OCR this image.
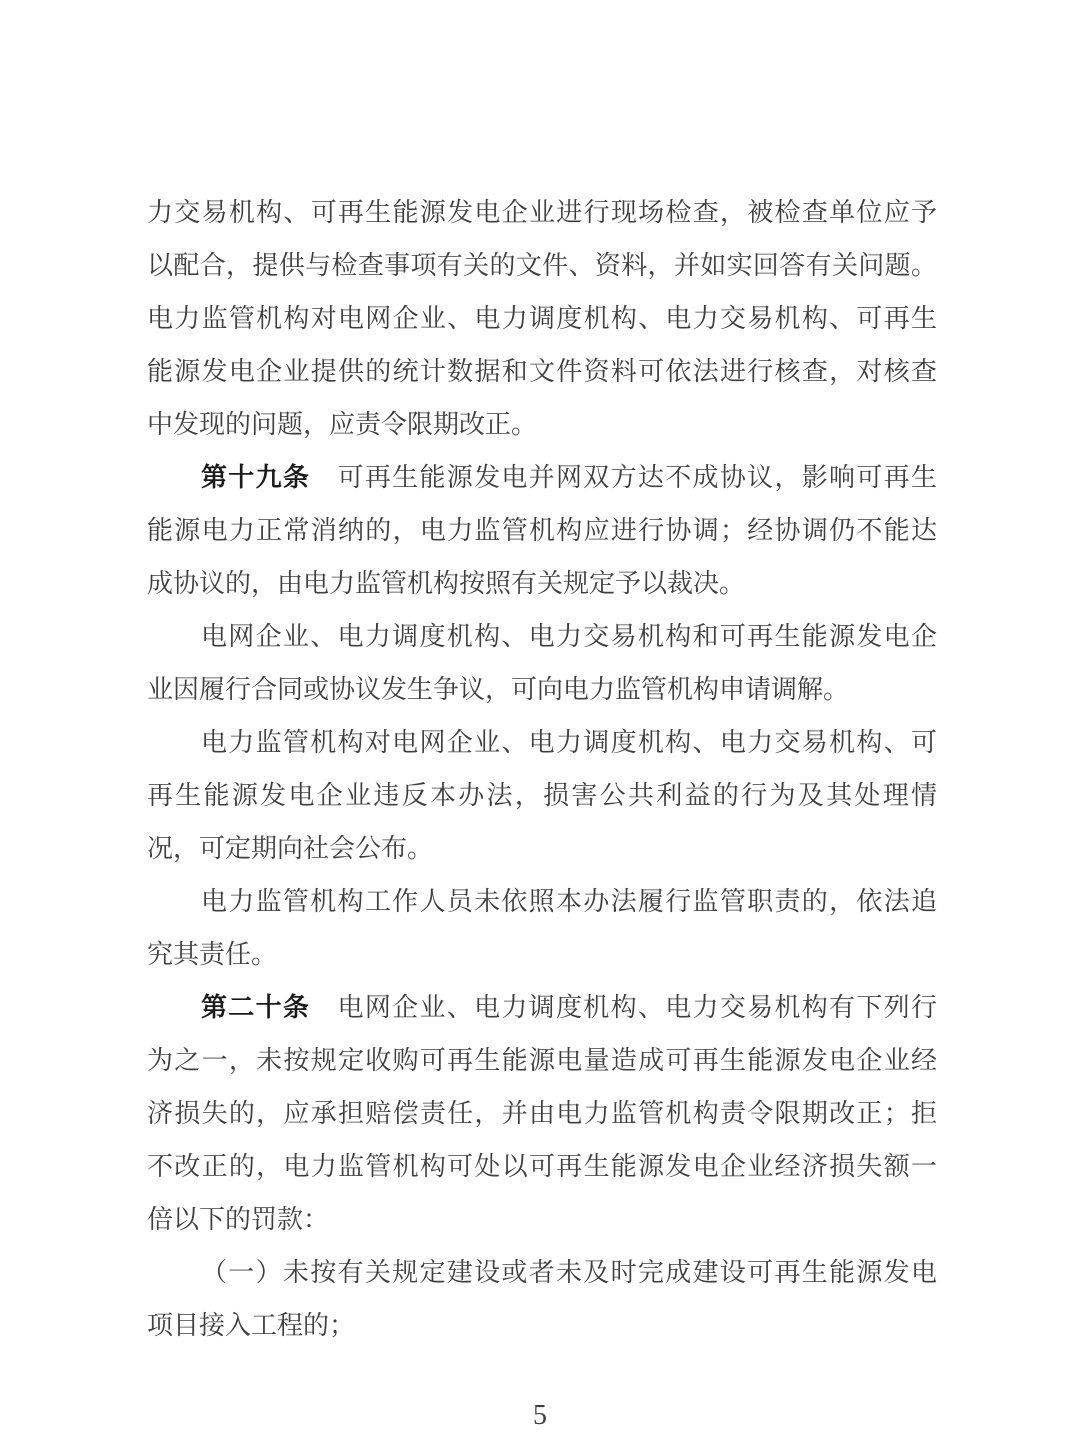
力交易机构、可再生能源发电企业进行现场检查，被检查单位应予
以配合，提供与检查事项有关的文件、资料，并如实回答有关问题。
电力监管机构对电网企业、电力调度机构、电力交易机构、可再生
能源发电企业提供的统计数据和文件资料可依法进行核查，对核查
中发现的问题，应责令限期改正。
第十九条　可再生能源发电并网双方达不成协议，影响可再生
能源电力正常消纳的，电力监管机构应进行协调；经协调仍不能达
成协议的，由电力监管机构按照有关规定予以裁决。
电网企业、电力调度机构、电力交易机构和可再生能源发电企
业因履行合同或协议发生争议，可向电力监管机构申请调解。
电力监管机构对电网企业、电力调度机构、电力交易机构、可
再生能源发电企业违反本办法，损害公共利益的行为及其处理情
况，可定期向社会公布。
电力监管机构工作人员未依照本办法履行监管职责的，依法追
究其责任。
第二十条　电网企业、电力调度机构、电力交易机构有下列行
为之一，未按规定收购可再生能源电量造成可再生能源发电企业经
济损失的，应承担赔偿责任，并由电力监管机构责令限期改正；拒
不改正的，电力监管机构可处以可再生能源发电企业经济损失额一
倍以下的罚款：
（一）未按有关规定建设或者未及时完成建设可再生能源发电
项目接入工程的；
5
